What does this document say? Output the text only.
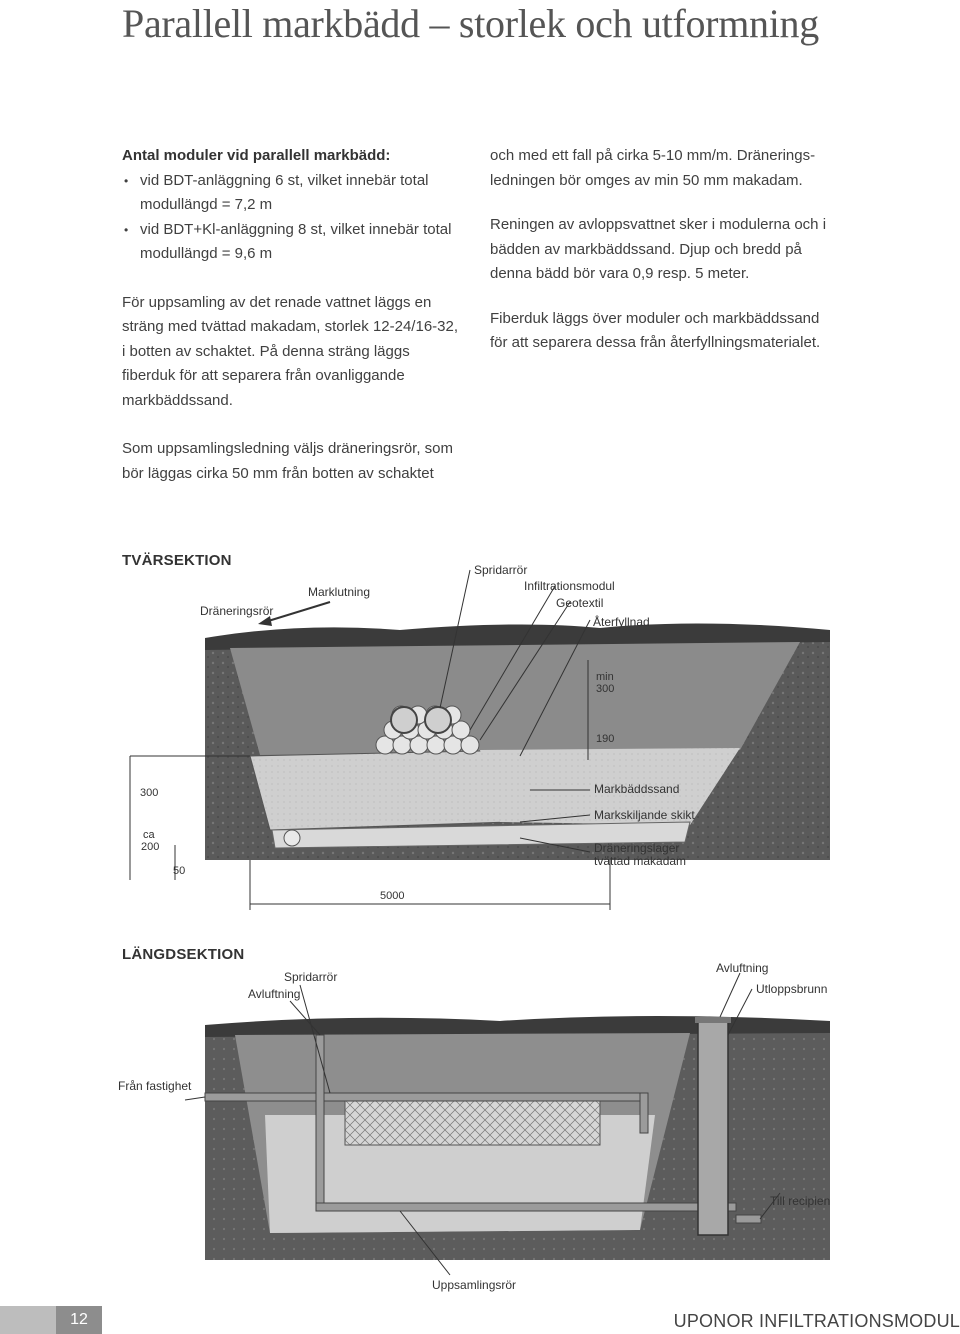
Parallell markbädd – storlek och utformning

Antal moduler vid parallell markbädd:

• vid BDT-anläggning 6 st, vilket innebär total modullängd = 7,2 m
• vid BDT+Kl-anläggning 8 st, vilket innebär total modullängd = 9,6 m

För uppsamling av det renade vattnet läggs en sträng med tvättad makadam, storlek 12-24/16-32, i botten av schaktet. På denna sträng läggs fiberduk för att separera från ovanliggande markbäddssand.

Som uppsamlingsledning väljs dräneringsrör, som bör läggas cirka 50 mm från botten av schaktet

och med ett fall på cirka 5-10 mm/m. Dränerings-ledningen bör omges av min 50 mm makadam.

Reningen av avloppsvattnet sker i modulerna och i bädden av markbäddssand. Djup och bredd på denna bädd bör vara 0,9 resp. 5 meter.

Fiberduk läggs över moduler och markbäddssand för att separera dessa från återfyllningsmaterialet.

TVÄRSEKTION
Dräneringsrör
Marklutning
Spridarrör
Infiltrationsmodul
Geotextil
Återfyllnad
min
300
190
300
ca
200
50
5000
Markbäddssand
Markskiljande skikt
Dräneringslager
tvättad makadam
LÄNGDSEKTION
Spridarrör
Avluftning
Avluftning
Utloppsbrunn
Från fastighet
Till recipien
Uppsamlingsrör
12	UPONOR INFILTRATIONSMODUL
